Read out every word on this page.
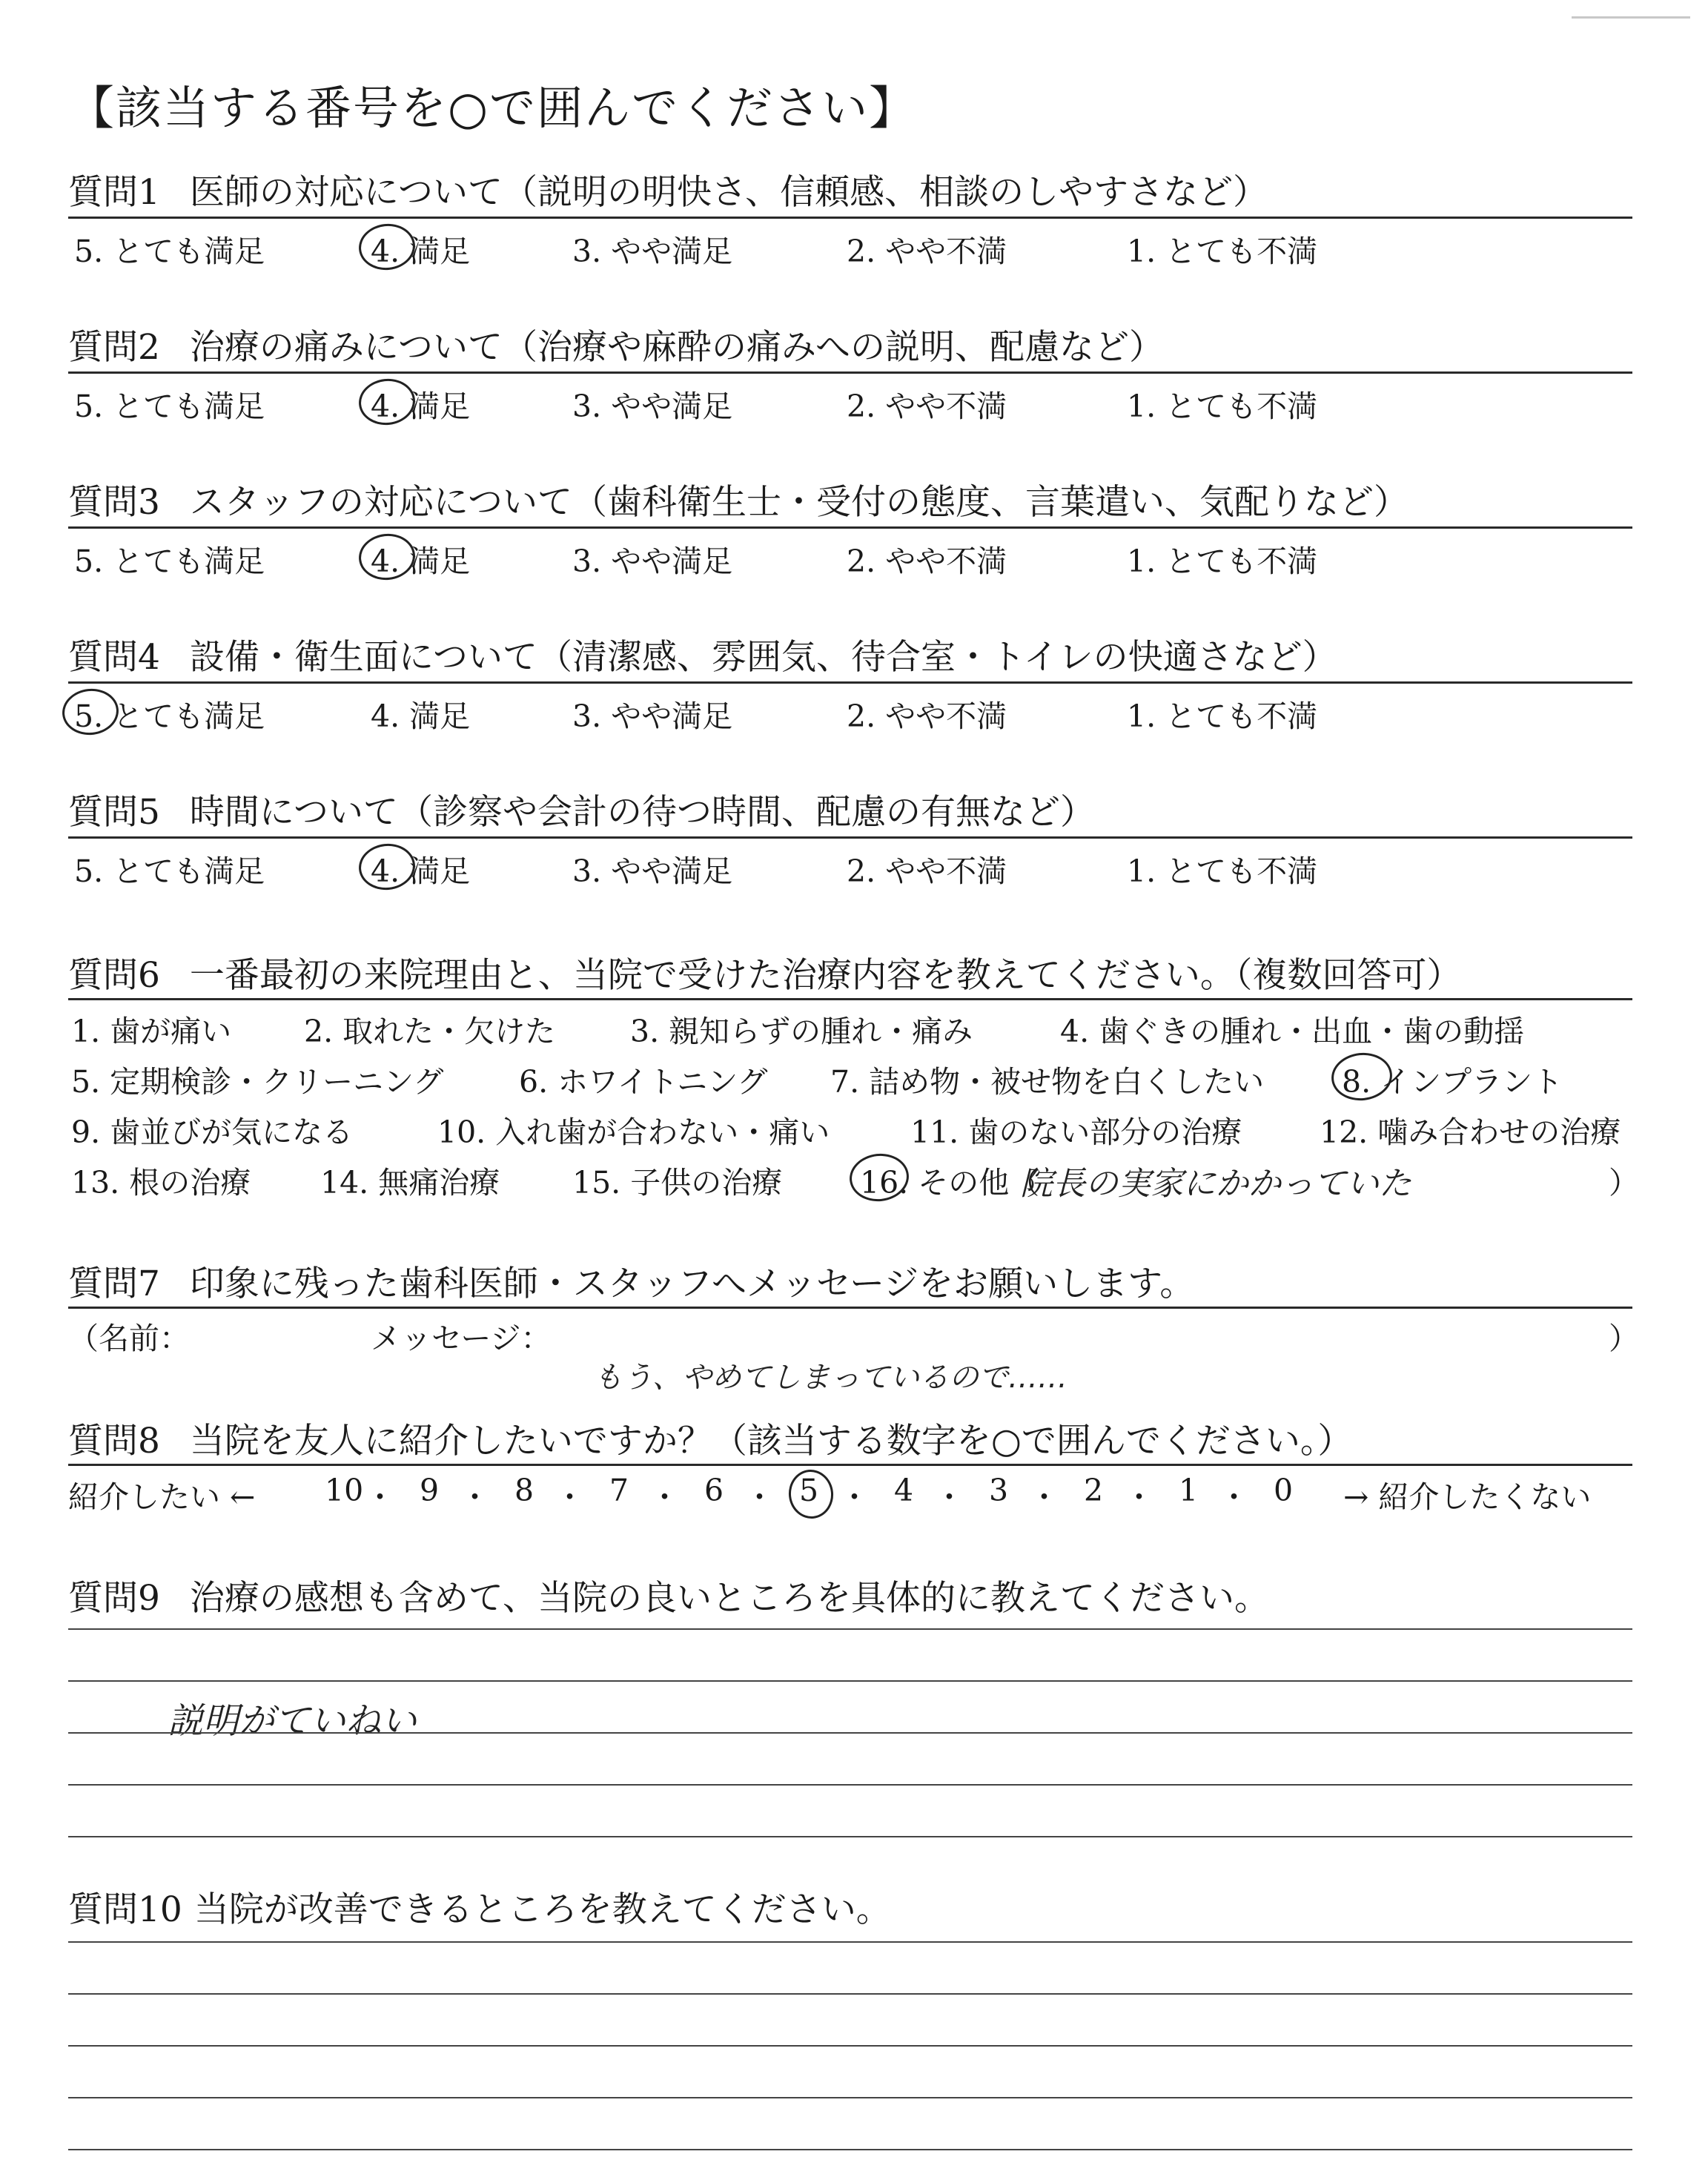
【該当する番号を○で囲んでください】
質問1 医師の対応について（説明の明快さ、信頼感、相談のしやすさなど）
5. とても満足	4. 満足	3. やや満足	2. やや不満	1. とても不満
質問2 治療の痛みについて（治療や麻酔の痛みへの説明、配慮など）
5. とても満足	4. 満足	3. やや満足	2. やや不満	1. とても不満
質問3 スタッフの対応について（歯科衛生士・受付の態度、言葉遣い、気配りなど）
5. とても満足	4. 満足	3. やや満足	2. やや不満	1. とても不満
質問4 設備・衛生面について（清潔感、雰囲気、待合室・トイレの快適さなど）
5. とても満足	4. 満足	3. やや満足	2. やや不満	1. とても不満
質問5 時間について（診察や会計の待つ時間、配慮の有無など）
5. とても満足	4. 満足	3. やや満足	2. やや不満	1. とても不満
質問6 一番最初の来院理由と、当院で受けた治療内容を教えてください。（複数回答可）
1. 歯が痛い 2. 取れた・欠けた 3. 親知らずの腫れ・痛み	4. 歯ぐきの腫れ・出血・歯の動揺
5. 定期検診・クリーニング 6. ホワイトニング 7. 詰め物・被せ物を白くしたい	8. インプラント
9. 歯並びが気になる	10. 入れ歯が合わない・痛い	11. 歯のない部分の治療	12. 噛み合わせの治療
13. 根の治療 14. 無痛治療 15. 子供の治療	16. その他（
院長の実家にかかっていた	）
質問7 印象に残った歯科医師・スタッフへメッセージをお願いします。
（名前：	メッセージ：	）
もう、やめてしまっているので……
質問8 当院を友人に紹介したいですか？（該当する数字を○で囲んでください。）
紹介したい ←	→ 紹介したくない
10 ・ 9 ・ 8 ・ 7 ・ 6 ・ 5 ・ 4 ・ 3 ・ 2 ・ 1 ・ 0
質問9 治療の感想も含めて、当院の良いところを具体的に教えてください。
説明がていねい
質問10 当院が改善できるところを教えてください。
